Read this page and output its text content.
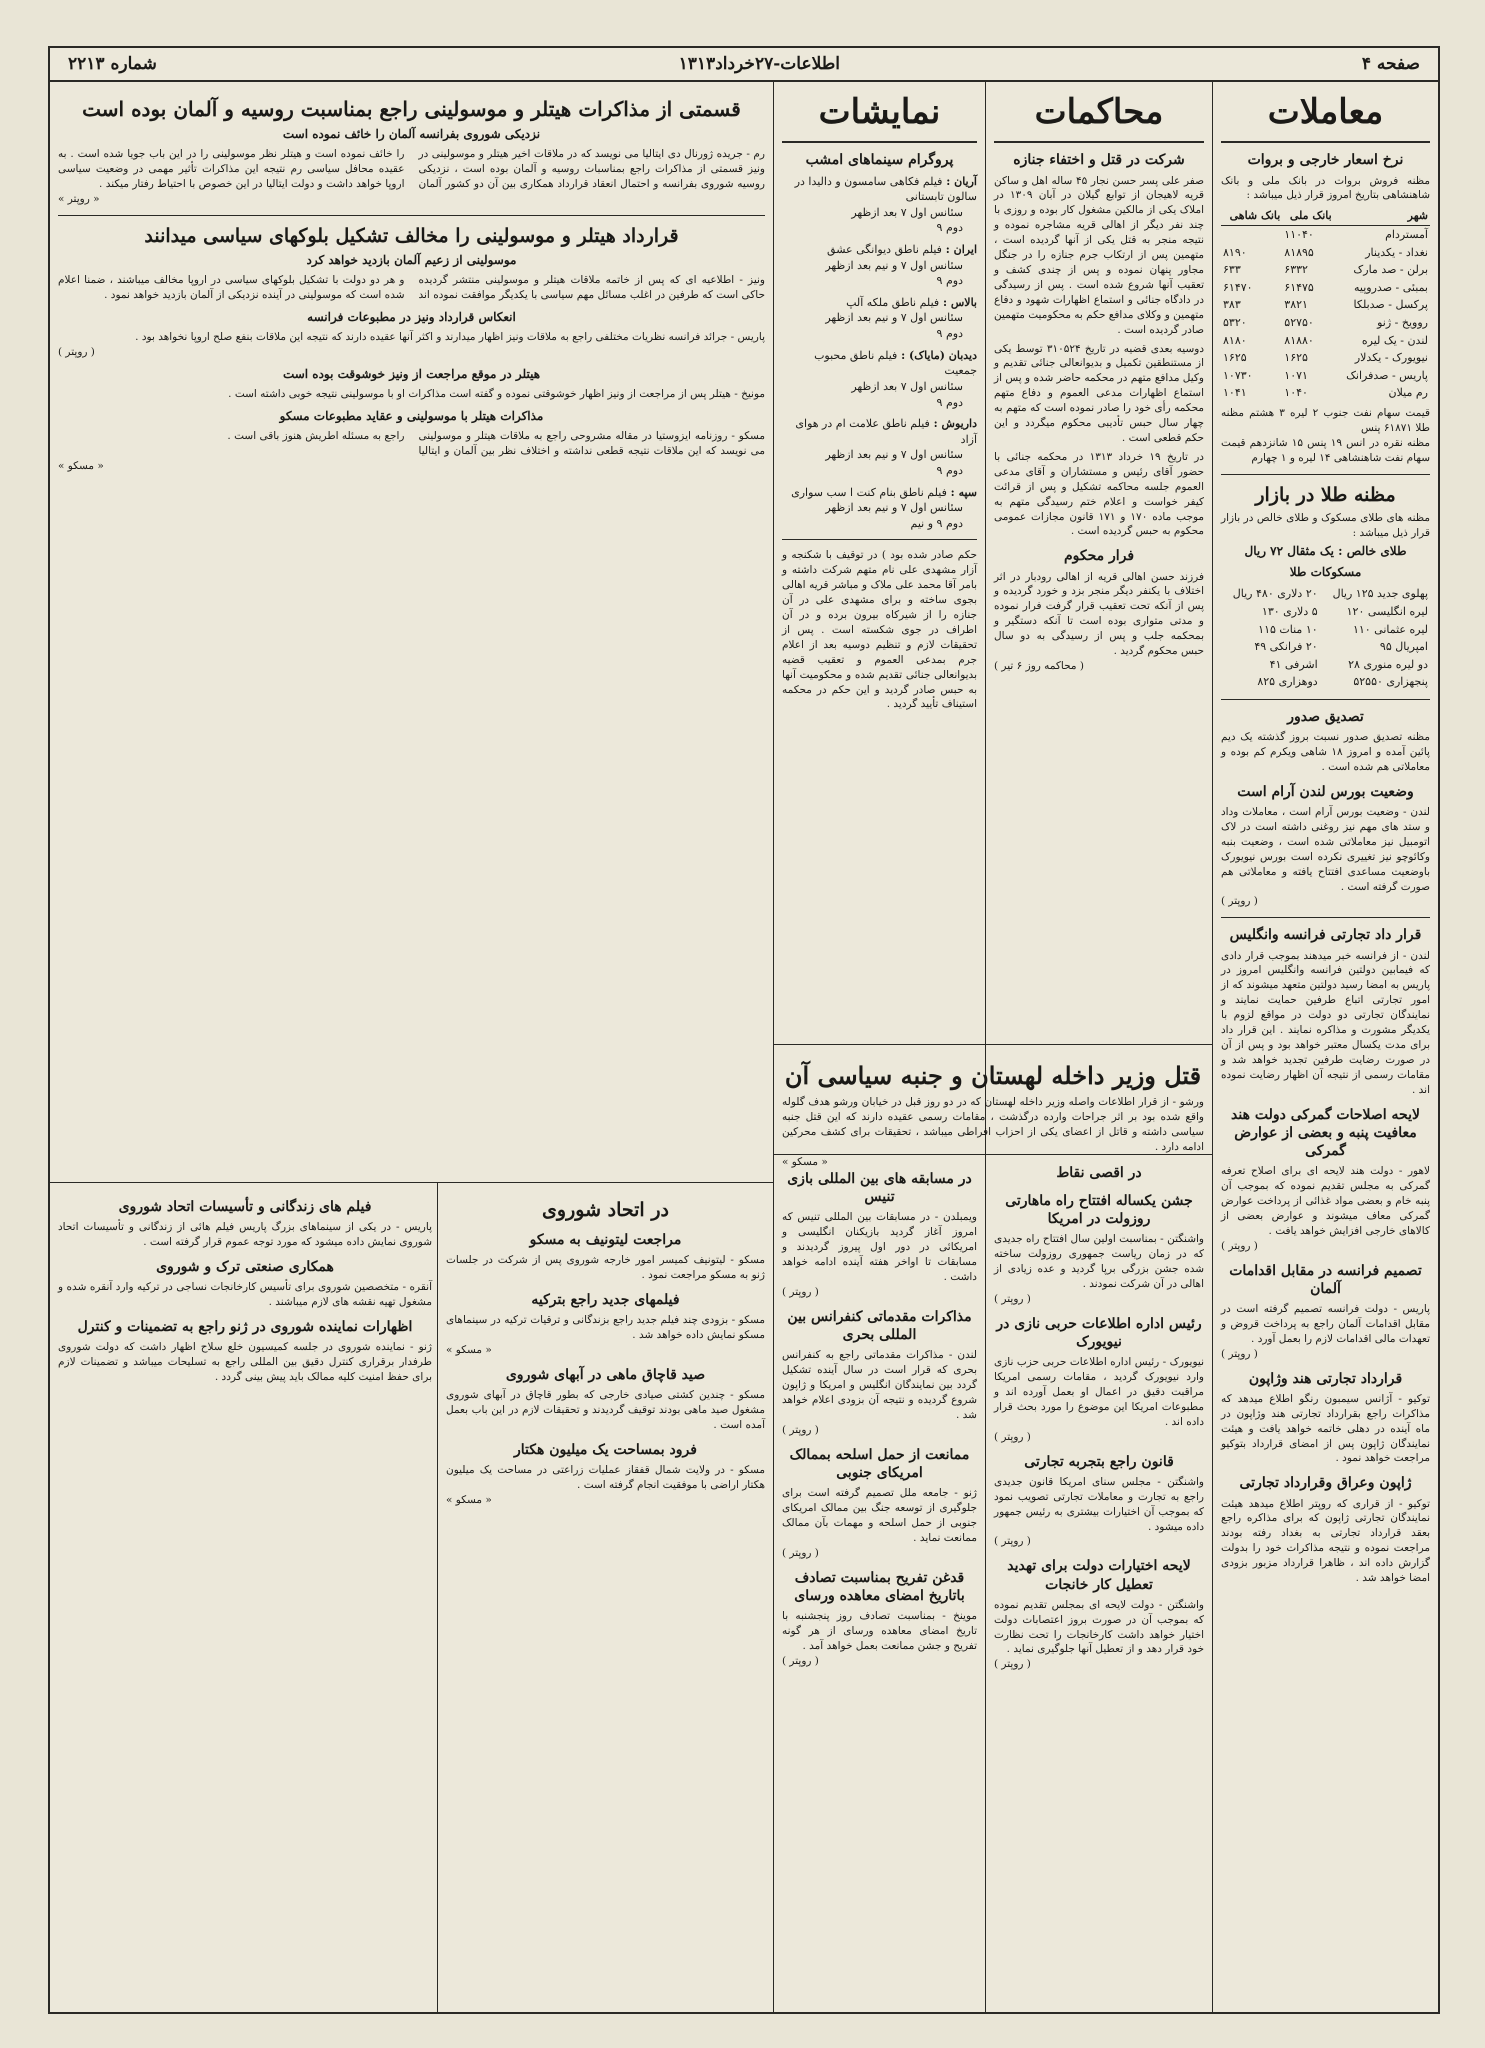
صفحه ۴
اطلاعات-۲۷خرداد۱۳۱۳
شماره ۲۲۱۳
معاملات
نرخ اسعار خارجی و بروات

مظنه فروش بروات در بانک ملی و بانک شاهنشاهی بتاریخ امروز قرار ذیل میباشد :

شهر	بانک ملی	بانک شاهی
آمستردام	۱۱۰۴۰	
نغداد - یکدینار	۸۱۸۹۵	۸۱۹۰
برلن - صد مارک	۶۳۳۲	۶۳۳
بمبئی - صدروپیه	۶۱۴۷۵	۶۱۴۷۰
پرکسل - صدبلکا	۳۸۲۱	۳۸۳
روویخ - ژنو	۵۲۷۵۰	۵۳۲۰
لندن - یک لیره	۸۱۸۸۰	۸۱۸۰
نیویورک - یکدلار	۱۶۲۵	۱۶۲۵
پاریس - صدفرانک	۱۰۷۱	۱۰۷۳۰
رم میلان	۱۰۴۰	۱۰۴۱

قیمت سهام نفت جنوب ۲ لیره ۳ هشتم مظنه طلا ۶۱۸۷۱ پنس

مظنه نقره در انس ۱۹ پنس ۱۵ شانزدهم قیمت سهام نفت شاهنشاهی ۱۴ لیره و ۱ چهارم

مظنه طلا در بازار

مظنه های طلای مسکوک و طلای خالص در بازار قرار ذیل میباشد :

طلای خالص : یک مثقال ۷۲ ریال
مسکوکات طلا
پهلوی جدید ۱۲۵ ریال	۲۰ دلاری ۴۸۰ ریال
لیره انگلیسی ۱۲۰	۵ دلاری ۱۳۰
لیره عثمانی ۱۱۰	۱۰ منات ۱۱۵
امپریال ۹۵	۲۰ فرانکی ۴۹
دو لیره منوری ۲۸	اشرفی ۴۱
پنجهزاری ۵۲۵۵۰	دوهزاری ۸۲۵
تصدیق صدور

مظنه تصدیق صدور نسبت بروز گذشته یک دیم پائین آمده و امروز ۱۸ شاهی ویکرم کم بوده و معاملاتی هم شده است .

وضعیت بورس لندن آرام است

لندن - وضعیت بورس آرام است ، معاملات وداد و ستد های مهم نیز روغنی داشته است در لاک اتومبیل نیز معاملاتی شده است ، وضعیت بنبه وکائوچو نیز تغییری نکرده است بورس نیویورک باوضعیت مساعدی افتتاح یافته و معاملاتی هم صورت گرفته است .

( روپتر )

قرار داد تجارتی فرانسه وانگلیس

لندن - از فرانسه خبر میدهند بموجب قرار دادی که فیمابین دولتین فرانسه وانگلیس امروز در پاریس به امضا رسید دولتین متعهد میشوند که از امور تجارتی اتباع طرفین حمایت نمایند و نمایندگان تجارتی دو دولت در مواقع لزوم با یکدیگر مشورت و مذاکره نمایند . این قرار داد برای مدت یکسال معتبر خواهد بود و پس از آن در صورت رضایت طرفین تجدید خواهد شد و مقامات رسمی از نتیجه آن اظهار رضایت نموده اند .

لایحه اصلاحات گمرکی دولت هند معافیت پنبه و بعضی از عوارض گمرکی

لاهور - دولت هند لایحه ای برای اصلاح تعرفه گمرکی به مجلس تقدیم نموده که بموجب آن پنبه خام و بعضی مواد غذائی از پرداخت عوارض گمرکی معاف میشوند و عوارض بعضی از کالاهای خارجی افزایش خواهد یافت .

( روپتر )

تصمیم فرانسه در مقابل اقدامات آلمان

پاریس - دولت فرانسه تصمیم گرفته است در مقابل اقدامات آلمان راجع به پرداخت قروض و تعهدات مالی اقدامات لازم را بعمل آورد .

( روپتر )

قرارداد تجارتی هند وژاپون

توکیو - آژانس سیمبون رنگو اطلاع میدهد که مذاکرات راجع بقرارداد تجارتی هند وژاپون در ماه آینده در دهلی خاتمه خواهد یافت و هیئت نمایندگان ژاپون پس از امضای قرارداد بتوکیو مراجعت خواهد نمود .

ژاپون وعراق وقرارداد تجارتی

توکیو - از قراری که روپتر اطلاع میدهد هیئت نمایندگان تجارتی ژاپون که برای مذاکره راجع بعقد قرارداد تجارتی به بغداد رفته بودند مراجعت نموده و نتیجه مذاکرات خود را بدولت گزارش داده اند ، ظاهرا قرارداد مزبور بزودی امضا خواهد شد .

محاکمات
شرکت در قتل و اختفاء جنازه

صفر علی پسر حسن نجار ۴۵ ساله اهل و ساکن قریه لاهیجان از توابع گیلان در آبان ۱۳۰۹ در املاک یکی از مالکین مشغول کار بوده و روزی با چند نفر دیگر از اهالی قریه مشاجره نموده و نتیجه منجر به قتل یکی از آنها گردیده است ، متهمین پس از ارتکاب جرم جنازه را در جنگل مجاور پنهان نموده و پس از چندی کشف و تعقیب آنها شروع شده است . پس از رسیدگی در دادگاه جنائی و استماع اظهارات شهود و دفاع متهمین و وکلای مدافع حکم به محکومیت متهمین صادر گردیده است .

دوسیه بعدی قضیه در تاریخ ۳۱۰۵۲۴ توسط یکی از مستنطقین تکمیل و بدیوانعالی جنائی تقدیم و وکیل مدافع متهم در محکمه حاضر شده و پس از استماع اظهارات مدعی العموم و دفاع متهم محکمه رأی خود را صادر نموده است که متهم به چهار سال حبس تأدیبی محکوم میگردد و این حکم قطعی است .

در تاریخ ۱۹ خرداد ۱۳۱۳ در محکمه جنائی با حضور آقای رئیس و مستشاران و آقای مدعی العموم جلسه محاکمه تشکیل و پس از قرائت کیفر خواست و اعلام ختم رسیدگی متهم به موجب ماده ۱۷۰ و ۱۷۱ قانون مجازات عمومی محکوم به حبس گردیده است .

فرار محکوم

فرزند حسن اهالی قریه از اهالی رودبار در اثر اختلاف با یکنفر دیگر منجر بزد و خورد گردیده و پس از آنکه تحت تعقیب قرار گرفت فرار نموده و مدتی متواری بوده است تا آنکه دستگیر و بمحکمه جلب و پس از رسیدگی به دو سال حبس محکوم گردید .

( محاکمه روز ۶ تیر )

نمایشات
پروگرام سینماهای امشب
آریان : فیلم فکاهی سامسون و دالیدا در سالون تابستانی
سئانس اول ۷ بعد ازظهر
دوم ۹
ایران : فیلم ناطق دیوانگی عشق
سئانس اول ۷ و نیم بعد ازظهر
دوم ۹
بالاس : فیلم ناطق ملکه آلپ
سئانس اول ۷ و نیم بعد ازظهر
دوم ۹
دیدبان (مایاک) : فیلم ناطق محبوب جمعیت
سئانس اول ۷ بعد ازظهر
دوم ۹
داریوش : فیلم ناطق علامت ام در هوای آزاد
سئانس اول ۷ و نیم بعد ازظهر
دوم ۹
سپه : فیلم ناطق بنام کنت ا سب سواری
سئانس اول ۷ و نیم بعد ازظهر
دوم ۹ و نیم

حکم صادر شده بود ) در توقیف با شکنجه و آزار مشهدی علی نام متهم شرکت داشته و بامر آقا محمد علی ملاک و مباشر قریه اهالی بجوی ساخته و برای مشهدی علی در آن جنازه را از شیرکاه بیرون برده و در آن اطراف در جوی شکسته است . پس از تحقیقات لازم و تنظیم دوسیه بعد از اعلام جرم بمدعی العموم و تعقیب قضیه بدیوانعالی جنائی تقدیم شده و محکومیت آنها به حبس صادر گردید و این حکم در محکمه استیناف تأیید گردید .

قتل وزیر داخله لهستان و جنبه سیاسی آن

ورشو - از قرار اطلاعات واصله وزیر داخله لهستان که در دو روز قبل در خیابان ورشو هدف گلوله واقع شده بود بر اثر جراحات وارده درگذشت ، مقامات رسمی عقیده دارند که این قتل جنبه سیاسی داشته و قاتل از اعضای یکی از احزاب افراطی میباشد ، تحقیقات برای کشف محرکین ادامه دارد .

« مسکو »

در اقصی نقاط
جشن یکساله افتتاح راه ماهارتی روزولت در امریکا

واشنگتن - بمناسبت اولین سال افتتاح راه جدیدی که در زمان ریاست جمهوری روزولت ساخته شده جشن بزرگی برپا گردید و عده زیادی از اهالی در آن شرکت نمودند .

( روپتر )

رئیس اداره اطلاعات حربی نازی در نیویورک

نیویورک - رئیس اداره اطلاعات حربی حزب نازی وارد نیویورک گردید ، مقامات رسمی امریکا مراقبت دقیق در اعمال او بعمل آورده اند و مطبوعات امریکا این موضوع را مورد بحث قرار داده اند .

( روپتر )

قانون راجع بتجربه تجارتی

واشنگتن - مجلس سنای امریکا قانون جدیدی راجع به تجارت و معاملات تجارتی تصویب نمود که بموجب آن اختیارات بیشتری به رئیس جمهور داده میشود .

( روپتر )

لایحه اختیارات دولت برای تهدید تعطیل کار خانجات

واشنگتن - دولت لایحه ای بمجلس تقدیم نموده که بموجب آن در صورت بروز اعتصابات دولت اختیار خواهد داشت کارخانجات را تحت نظارت خود قرار دهد و از تعطیل آنها جلوگیری نماید .

( روپتر )

در مسابقه های بین المللی بازی تنیس

ویمبلدن - در مسابقات بین المللی تنیس که امروز آغاز گردید بازیکنان انگلیسی و امریکائی در دور اول پیروز گردیدند و مسابقات تا اواخر هفته آینده ادامه خواهد داشت .

( روپتر )

مذاکرات مقدماتی کنفرانس بین المللی بحری

لندن - مذاکرات مقدماتی راجع به کنفرانس بحری که قرار است در سال آینده تشکیل گردد بین نمایندگان انگلیس و امریکا و ژاپون شروع گردیده و نتیجه آن بزودی اعلام خواهد شد .

( روپتر )

ممانعت از حمل اسلحه بممالک امریکای جنوبی

ژنو - جامعه ملل تصمیم گرفته است برای جلوگیری از توسعه جنگ بین ممالک امریکای جنوبی از حمل اسلحه و مهمات بآن ممالک ممانعت نماید .

( روپتر )

قدغن تفریح بمناسبت تصادف باتاریخ امضای معاهده ورسای

موینخ - بمناسبت تصادف روز پنجشنبه با تاریخ امضای معاهده ورسای از هر گونه تفریح و جشن ممانعت بعمل خواهد آمد .

( روپتر )

قسمتی از مذاکرات هیتلر و موسولینی راجع بمناسبت روسیه و آلمان بوده است
نزدیکی شوروی بفرانسه آلمان را خائف نموده است

رم - جریده ژورنال دی ایتالیا می نویسد که در ملاقات اخیر هیتلر و موسولینی در ونیز قسمتی از مذاکرات راجع بمناسبات روسیه و آلمان بوده است ، نزدیکی روسیه شوروی بفرانسه و احتمال انعقاد قرارداد همکاری بین آن دو کشور آلمان را خائف نموده است و هیتلر نظر موسولینی را در این باب جویا شده است . به عقیده محافل سیاسی رم نتیجه این مذاکرات تأثیر مهمی در وضعیت سیاسی اروپا خواهد داشت و دولت ایتالیا در این خصوص با احتیاط رفتار میکند .

« روپتر »

قرارداد هیتلر و موسولینی را مخالف تشکیل بلوکهای سیاسی میدانند
موسولینی از زعیم آلمان بازدید خواهد کرد

ونیز - اطلاعیه ای که پس از خاتمه ملاقات هیتلر و موسولینی منتشر گردیده حاکی است که طرفین در اغلب مسائل مهم سیاسی با یکدیگر موافقت نموده اند و هر دو دولت با تشکیل بلوکهای سیاسی در اروپا مخالف میباشند ، ضمنا اعلام شده است که موسولینی در آینده نزدیکی از آلمان بازدید خواهد نمود .

انعکاس قرارداد ونیز در مطبوعات فرانسه

پاریس - جرائد فرانسه نظریات مختلفی راجع به ملاقات ونیز اظهار میدارند و اکثر آنها عقیده دارند که نتیجه این ملاقات بنفع صلح اروپا نخواهد بود .

( روپتر )

هیتلر در موقع مراجعت از ونیز خوشوقت بوده است

مونیخ - هیتلر پس از مراجعت از ونیز اظهار خوشوقتی نموده و گفته است مذاکرات او با موسولینی نتیجه خوبی داشته است .

مذاکرات هیتلر با موسولینی و عقاید مطبوعات مسکو

مسکو - روزنامه ایزوستیا در مقاله مشروحی راجع به ملاقات هیتلر و موسولینی می نویسد که این ملاقات نتیجه قطعی نداشته و اختلاف نظر بین آلمان و ایتالیا راجع به مسئله اطریش هنوز باقی است .

« مسکو »

در اتحاد شوروی
مراجعت لیتونیف به مسکو

مسکو - لیتونیف کمیسر امور خارجه شوروی پس از شرکت در جلسات ژنو به مسکو مراجعت نمود .

فیلمهای جدید راجع بترکیه

مسکو - بزودی چند فیلم جدید راجع بزندگانی و ترقیات ترکیه در سینماهای مسکو نمایش داده خواهد شد .

« مسکو »

صید قاچاق ماهی در آبهای شوروی

مسکو - چندین کشتی صیادی خارجی که بطور قاچاق در آبهای شوروی مشغول صید ماهی بودند توقیف گردیدند و تحقیقات لازم در این باب بعمل آمده است .

فرود بمساحت یک میلیون هکتار

مسکو - در ولایت شمال قفقاز عملیات زراعتی در مساحت یک میلیون هکتار اراضی با موفقیت انجام گرفته است .

« مسکو »

فیلم های زندگانی و تأسیسات اتحاد شوروی

پاریس - در یکی از سینماهای بزرگ پاریس فیلم هائی از زندگانی و تأسیسات اتحاد شوروی نمایش داده میشود که مورد توجه عموم قرار گرفته است .

همکاری صنعتی ترک و شوروی

آنقره - متخصصین شوروی برای تأسیس کارخانجات نساجی در ترکیه وارد آنقره شده و مشغول تهیه نقشه های لازم میباشند .

اظهارات نماینده شوروی در ژنو راجع به تضمینات و کنترل

ژنو - نماینده شوروی در جلسه کمیسیون خلع سلاح اظهار داشت که دولت شوروی طرفدار برقراری کنترل دقیق بین المللی راجع به تسلیحات میباشد و تضمینات لازم برای حفظ امنیت کلیه ممالک باید پیش بینی گردد .
